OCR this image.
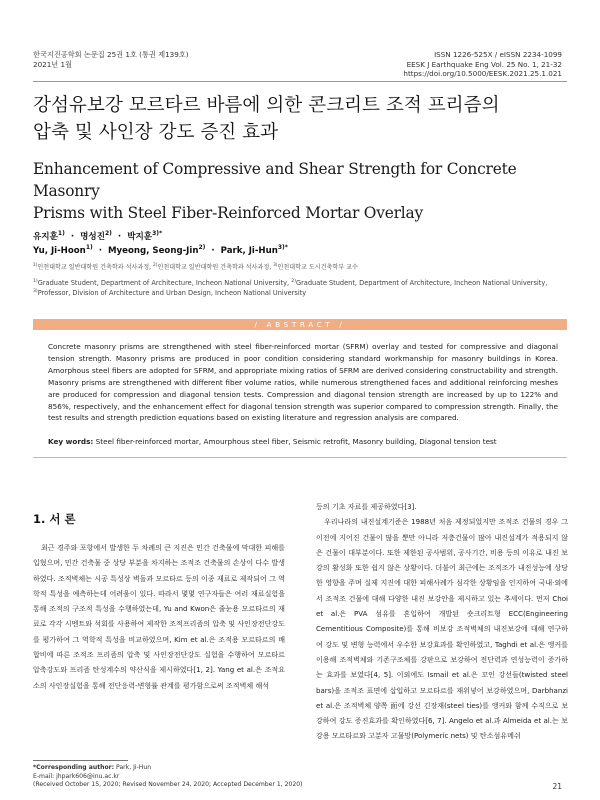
한국지진공학회 논문집 25권 1호 (통권 제139호)
2021년 1월
ISSN 1226-525X / eISSN 2234-1099
EESK J Earthquake Eng Vol. 25 No. 1, 21-32
https://doi.org/10.5000/EESK.2021.25.1.021
강섬유보강 모르타르 바름에 의한 콘크리트 조적 프리즘의
압축 및 사인장 강도 증진 효과
Enhancement of Compressive and Shear Strength for Concrete Masonry
Prisms with Steel Fiber-Reinforced Mortar Overlay
유지훈$^{1)}$  ·  명성진$^{2)}$  ·  박지훈$^{3)*}$
Yu, Ji-Hoon$^{1)}$  ·  Myeong, Seong-Jin$^{2)}$  ·  Park, Ji-Hun$^{3)*}$
$^{1)}$인천대학교 일반대학원 건축학과 석사과정, $^{2)}$인천대학교 일반대학원 건축학과 석사과정, $^{3)}$인천대학교 도시건축학부 교수
$^{1)}$Graduate Student, Department of Architecture, Incheon National University, $^{2)}$Graduate Student, Department of Architecture, Incheon National University, $^{3)}$Professor, Division of Architecture and Urban Design, Incheon National University
/ ABSTRACT /
Concrete masonry prisms are strengthened with steel fiber-reinforced mortar (SFRM) overlay and tested for compressive and diagonal tension strength. Masonry prisms are produced in poor condition considering standard workmanship for masonry buildings in Korea. Amorphous steel fibers are adopted for SFRM, and appropriate mixing ratios of SFRM are derived considering constructability and strength. Masonry prisms are strengthened with different fiber volume ratios, while numerous strengthened faces and additional reinforcing meshes are produced for compression and diagonal tension tests. Compression and diagonal tension strength are increased by up to 122% and 856%, respectively, and the enhancement effect for diagonal tension strength was superior compared to compression strength. Finally, the test results and strength prediction equations based on existing literature and regression analysis are compared.
Key words: Steel fiber-reinforced mortar, Amourphous steel fiber, Seismic retrofit, Masonry building, Diagonal tension test
1. 서 론

최근 경주와 포항에서 발생한 두 차례의 큰 지진은 민간 건축물에 막대한 피해를 입혔으며, 민간 건축물 중 상당 부분을 차지하는 조적조 건축물의 손상이 다수 발생하였다. 조적벽체는 시공 특성상 벽돌과 모르타르 등의 이종 재료로 제작되어 그 역학적 특성을 예측하는데 어려움이 있다. 따라서 몇몇 연구자들은 여러 재료실험을 통해 조적의 구조적 특성을 수행하였는데, Yu and Kwon은 줄눈용 모르타르의 재료로 각각 시멘트와 석회를 사용하여 제작한 조적프리즘의 압축 및 사인장전단강도를 평가하여 그 역학적 특성을 비교하였으며, Kim et al.은 조적용 모르타르의 배합비에 따른 조적조 프리즘의 압축 및 사인장전단강도 실험을 수행하여 모르타르 압축강도와 프리즘 탄성계수의 약산식을 제시하였다[1, 2]. Yang et al.은 조적요소의 사인장실험을 통해 전단응력-변형률 관계를 평가함으로써 조적벽체 해석

등의 기초 자료를 제공하였다[3].

우리나라의 내진설계기준은 1988년 처음 제정되었지만 조적조 건물의 경우 그 이전에 지어진 건물이 많을 뿐만 아니라 저층건물이 많아 내진설계가 적용되지 않은 건물이 대부분이다. 또한 제한된 공사범위, 공사기간, 비용 등의 이유로 내진 보강의 활성화 또한 쉽지 않은 상황이다. 더불어 최근에는 조적조가 내진성능에 상당한 영향을 주며 실제 지진에 대한 피해사례가 심각한 상황임을 인지하여 국내·외에서 조적조 건물에 대해 다양한 내진 보강안을 제시하고 있는 추세이다. 먼저 Choi et al.은 PVA 섬유를 혼입하여 개발된 숏크리트형 ECC(Engineering Cementitious Composite)를 통해 비보강 조적벽체의 내진보강에 대해 연구하여 강도 및 변형 능력에서 우수한 보강효과를 확인하였고, Taghdi et al.은 앵커를 이용해 조적벽체와 기존구조체를 강판으로 보강하여 전단력과 연성능력이 증가하는 효과를 보였다[4, 5]. 이외에도 Ismail et al.은 꼬인 강선들(twisted steel bars)을 조적조 표면에 삽입하고 모르타르를 재위넣어 보강하였으며, Darbhanzi et al.은 조적벽체 양쪽 面에 강선 긴장재(steel ties)를 앵커와 함께 수직으로 보강하여 강도 증진효과를 확인하였다[6, 7]. Angelo et al.과 Almeida et al.는 보강용 모르타르와 고분자 고물망(Polymeric nets) 및 탄소섬유메쉬

*Corresponding author: Park, Ji-Hun
E-mail: jhpark606@inu.ac.kr
(Received October 15, 2020; Revised November 24, 2020; Accepted December 1, 2020)	21
